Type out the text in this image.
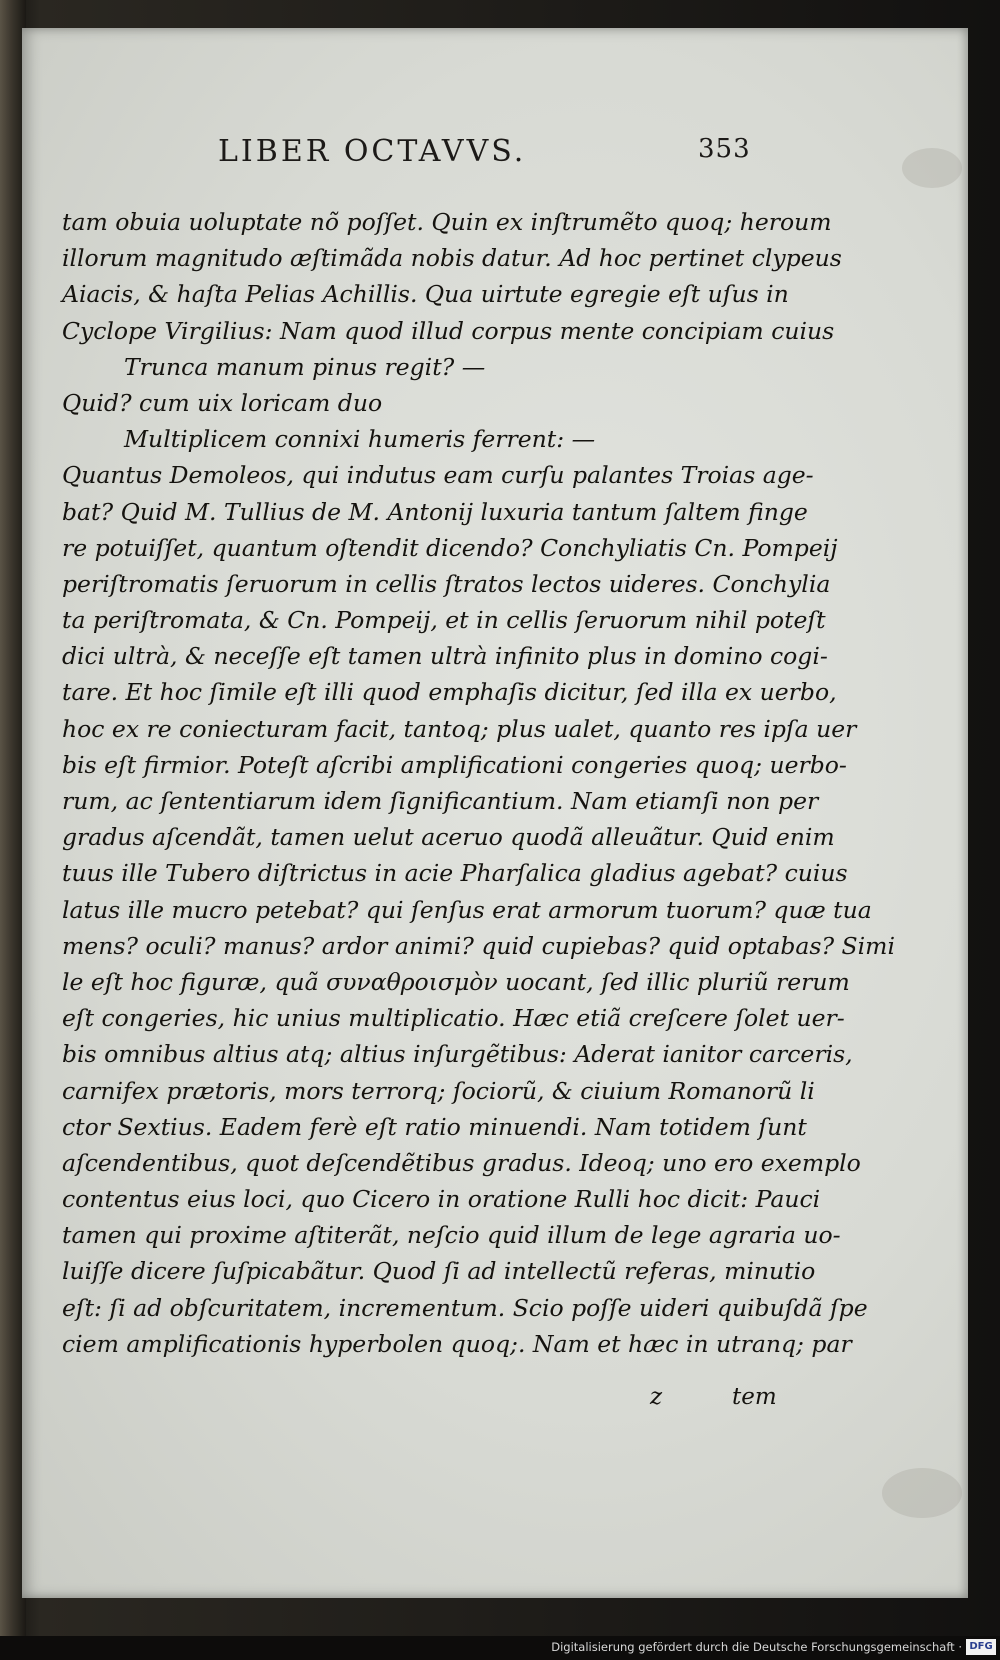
LIBER OCTAVVS.	353
tam obuia uoluptate nõ poſſet. Quin ex inſtrumẽto quoq; heroum
illorum magnitudo æſtimãda nobis datur. Ad hoc pertinet clypeus
Aiacis, & haſta Pelias Achillis. Qua uirtute egregie eſt uſus in
Cyclope Virgilius: Nam quod illud corpus mente concipiam cuius
Trunca manum pinus regit? —
Quid? cum uix loricam duo
Multiplicem connixi humeris ferrent: —
Quantus Demoleos, qui indutus eam curſu palantes Troias age-
bat? Quid M. Tullius de M. Antonij luxuria tantum ſaltem finge
re potuiſſet, quantum oſtendit dicendo? Conchyliatis Cn. Pompeij
periſtromatis ſeruorum in cellis ſtratos lectos uideres. Conchylia
ta periſtromata, & Cn. Pompeij, et in cellis ſeruorum nihil poteſt
dici ultrà, & neceſſe eſt tamen ultrà infinito plus in domino cogi-
tare. Et hoc ſimile eſt illi quod emphaſis dicitur, ſed illa ex uerbo,
hoc ex re coniecturam facit, tantoq; plus ualet, quanto res ipſa uer
bis eſt firmior. Poteſt aſcribi amplificationi congeries quoq; uerbo-
rum, ac ſententiarum idem ſignificantium. Nam etiamſi non per
gradus aſcendãt, tamen uelut aceruo quodã alleuãtur. Quid enim
tuus ille Tubero diſtrictus in acie Pharſalica gladius agebat? cuius
latus ille mucro petebat? qui ſenſus erat armorum tuorum? quæ tua
mens? oculi? manus? ardor animi? quid cupiebas? quid optabas? Simi
le eſt hoc figuræ, quã συναθροισμὸν uocant, ſed illic pluriũ rerum
eſt congeries, hic unius multiplicatio. Hæc etiã creſcere ſolet uer-
bis omnibus altius atq; altius inſurgẽtibus: Aderat ianitor carceris,
carnifex prætoris, mors terrorq; ſociorũ, & ciuium Romanorũ li
ctor Sextius. Eadem ferè eſt ratio minuendi. Nam totidem ſunt
aſcendentibus, quot deſcendẽtibus gradus. Ideoq; uno ero exemplo
contentus eius loci, quo Cicero in oratione Rulli hoc dicit: Pauci
tamen qui proxime aſtiterãt, neſcio quid illum de lege agraria uo-
luiſſe dicere ſuſpicabãtur. Quod ſi ad intellectũ referas, minutio
eſt: ſi ad obſcuritatem, incrementum. Scio poſſe uideri quibuſdã ſpe
ciem amplificationis hyperbolen quoq;. Nam et hæc in utranq; par
z	tem
Digitalisierung gefördert durch die Deutsche Forschungsgemeinschaft · DFG
